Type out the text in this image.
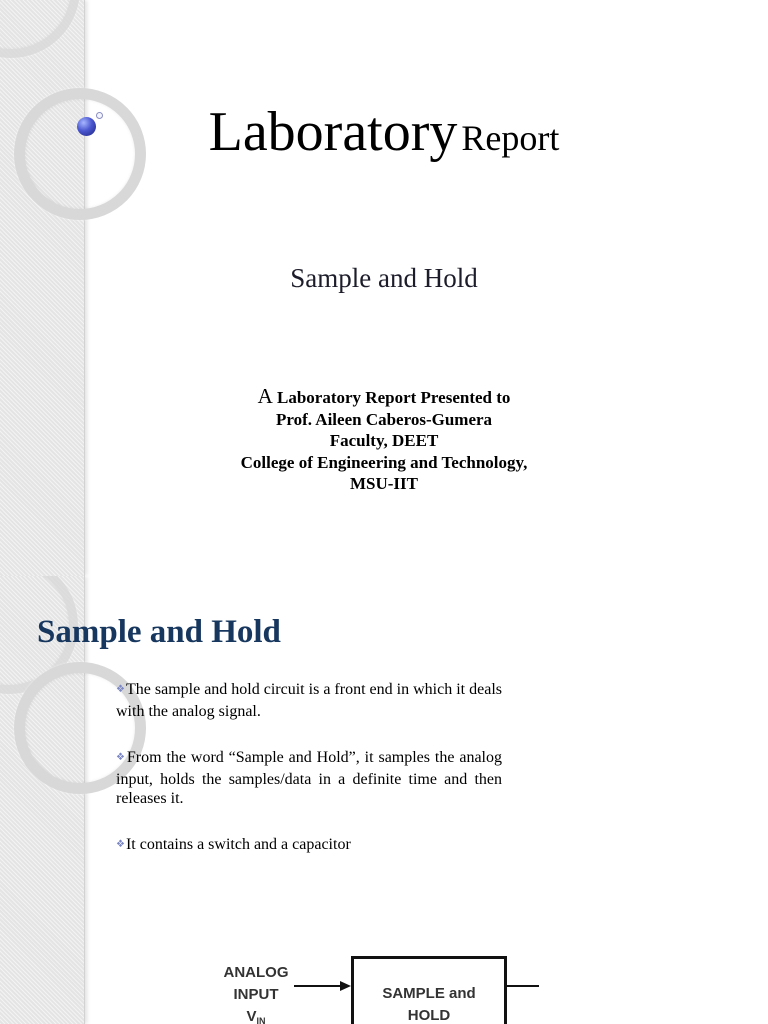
Laboratory Report
Sample and Hold
A Laboratory Report Presented to
Prof. Aileen Caberos-Gumera
Faculty, DEET
College of Engineering and Technology,
MSU-IIT
Sample and Hold
❖The sample and hold circuit is a front end in which it deals with the analog signal.
❖From the word “Sample and Hold”, it samples the analog input, holds the samples/data in a definite time and then releases it.
❖It contains a switch and a capacitor
ANALOG
INPUT
$V_{IN}$
SAMPLE and
HOLD
